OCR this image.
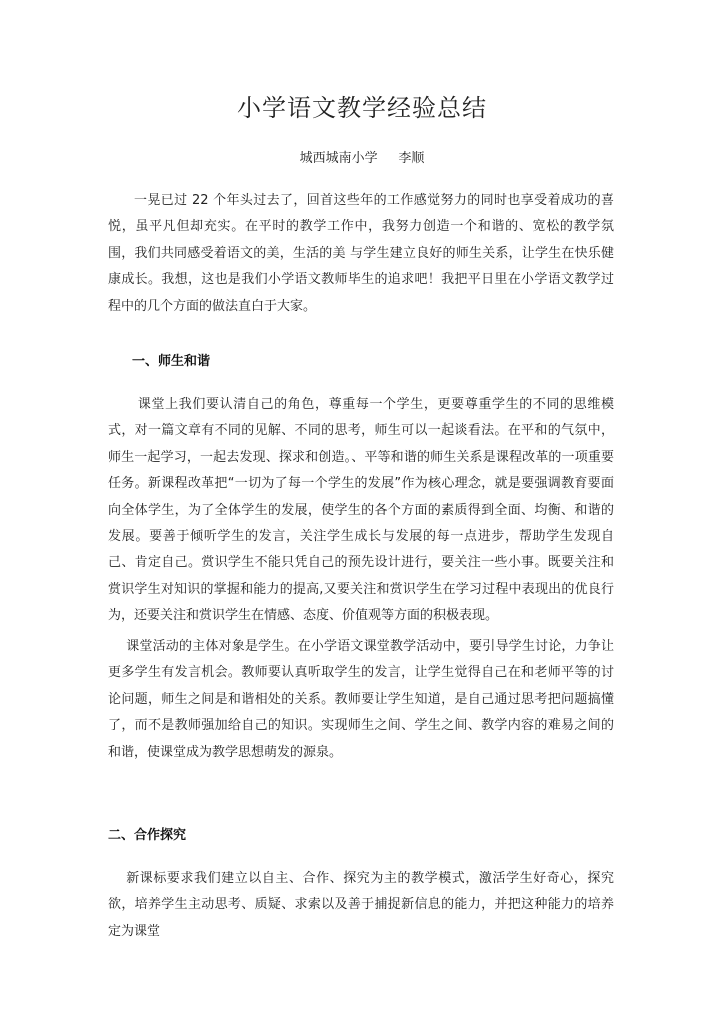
小学语文教学经验总结
城西城南小学     李顺

一晃已过 22 个年头过去了，回首这些年的工作感觉努力的同时也享受着成功的喜悦，虽平凡但却充实。在平时的教学工作中，我努力创造一个和谐的、宽松的教学氛围，我们共同感受着语文的美，生活的美 与学生建立良好的师生关系，让学生在快乐健康成长。我想，这也是我们小学语文教师毕生的追求吧！我把平日里在小学语文教学过程中的几个方面的做法直白于大家。

一、师生和谐

课堂上我们要认清自己的角色，尊重每一个学生，更要尊重学生的不同的思维模式，对一篇文章有不同的见解、不同的思考，师生可以一起谈看法。在平和的气氛中，师生一起学习，一起去发现、探求和创造。、平等和谐的师生关系是课程改革的一项重要任务。新课程改革把“一切为了每一个学生的发展”作为核心理念，就是要强调教育要面向全体学生，为了全体学生的发展，使学生的各个方面的素质得到全面、均衡、和谐的发展。要善于倾听学生的发言，关注学生成长与发展的每一点进步，帮助学生发现自己、肯定自己。赏识学生不能只凭自己的预先设计进行，要关注一些小事。既要关注和赏识学生对知识的掌握和能力的提高,又要关注和赏识学生在学习过程中表现出的优良行为，还要关注和赏识学生在情感、态度、价值观等方面的积极表现。

课堂活动的主体对象是学生。在小学语文课堂教学活动中，要引导学生讨论，力争让更多学生有发言机会。教师要认真听取学生的发言，让学生觉得自己在和老师平等的讨论问题，师生之间是和谐相处的关系。教师要让学生知道，是自己通过思考把问题搞懂了，而不是教师强加给自己的知识。实现师生之间、学生之间、教学内容的难易之间的和谐，使课堂成为教学思想萌发的源泉。

二、合作探究

新课标要求我们建立以自主、合作、探究为主的教学模式，激活学生好奇心，探究欲，培养学生主动思考、质疑、求索以及善于捕捉新信息的能力，并把这种能力的培养定为课堂
